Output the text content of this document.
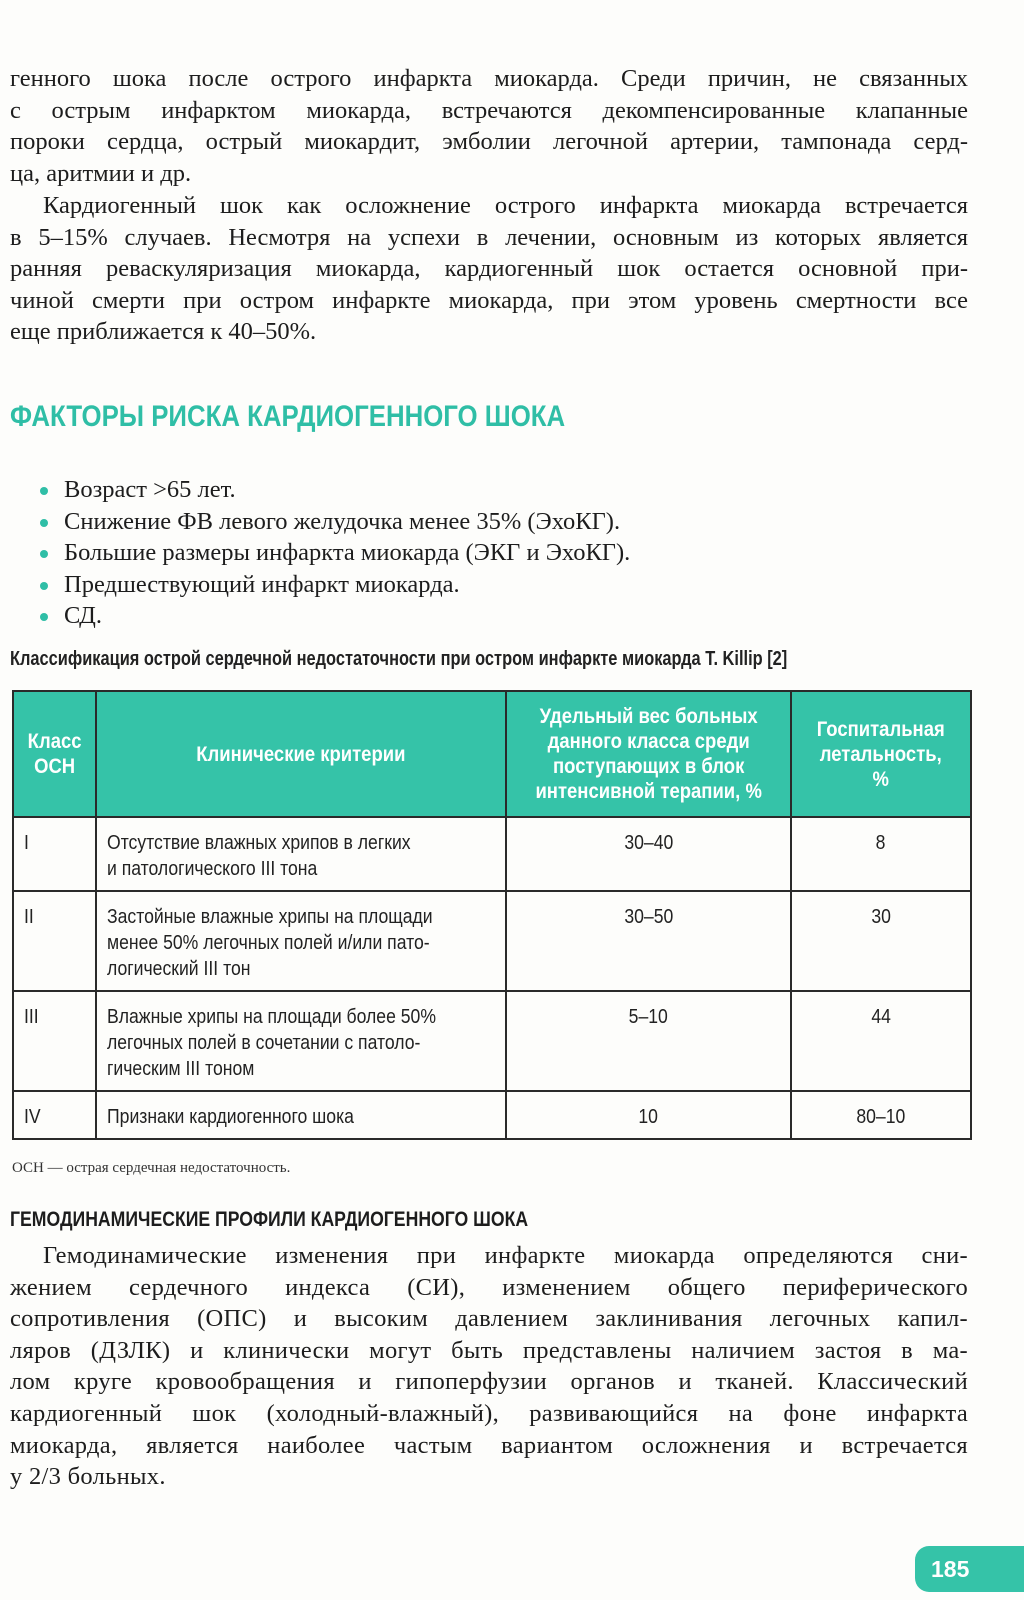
генного шока после острого инфаркта миокарда. Среди причин, не связанных
с острым инфарктом миокарда, встречаются декомпенсированные клапанные
пороки сердца, острый миокардит, эмболии легочной артерии, тампонада серд-
ца, аритмии и др.

Кардиогенный шок как осложнение острого инфаркта миокарда встречается
в 5–15% случаев. Несмотря на успехи в лечении, основным из которых является
ранняя реваскуляризация миокарда, кардиогенный шок остается основной при-
чиной смерти при остром инфаркте миокарда, при этом уровень смертности все
еще приближается к 40–50%.

ФАКТОРЫ РИСКА КАРДИОГЕННОГО ШОКА
Возраст >65 лет.
Снижение ФВ левого желудочка менее 35% (ЭхоКГ).
Большие размеры инфаркта миокарда (ЭКГ и ЭхоКГ).
Предшествующий инфаркт миокарда.
СД.

Классификация острой сердечной недостаточности при остром инфаркте миокарда T. Killip [2]

Класс
ОСН	Клинические критерии	Удельный вес больных
данного класса среди
поступающих в блок
интенсивной терапии, %	Госпитальная
летальность,
%
I	Отсутствие влажных хрипов в легких
и патологического III тона	30–40	8
II	Застойные влажные хрипы на площади
менее 50% легочных полей и/или пато-
логический III тон	30–50	30
III	Влажные хрипы на площади более 50%
легочных полей в сочетании с патоло-
гическим III тоном	5–10	44
IV	Признаки кардиогенного шока	10	80–10

ОСН — острая сердечная недостаточность.

ГЕМОДИНАМИЧЕСКИЕ ПРОФИЛИ КАРДИОГЕННОГО ШОКА

Гемодинамические изменения при инфаркте миокарда определяются сни-
жением сердечного индекса (СИ), изменением общего периферического
сопротивления (ОПС) и высоким давлением заклинивания легочных капил-
ляров (ДЗЛК) и клинически могут быть представлены наличием застоя в ма-
лом круге кровообращения и гипоперфузии органов и тканей. Классический
кардиогенный шок (холодный-влажный), развивающийся на фоне инфаркта
миокарда, является наиболее частым вариантом осложнения и встречается
у 2/3 больных.

185
